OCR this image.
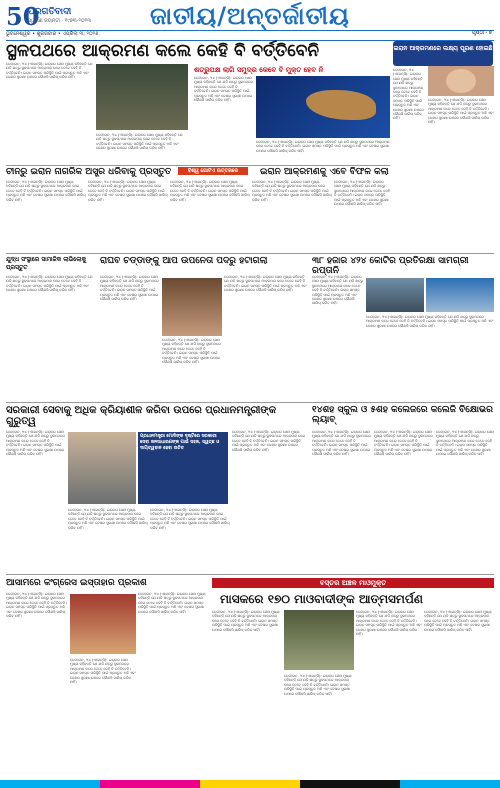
50
ପ୍ରଗତିବାଦୀ
ସ୍ୱର୍ଣ୍ଣ ଜୟନ୍ତୀ · ୧୯୭୩-୨୦୨୩ ଜାତୀୟ/ଅନ୍ତର୍ଜାତୀୟ
ଭୁବନେଶ୍ୱର • ଶୁକ୍ରବାର • ଏପ୍ରିଲ୍ ୩, ୨୦୨୬	ପୃଷ୍ଠା - ୭
ସ୍ଥଳପଥରେ ଆକ୍ରମଣ କଲେ କେହି ବି ବର୍ତ୍ତିବେନି	ଇରାନ ଆକ୍ରମଣରେ ଲକ୍ଷ୍ୟ ପୂରଣ ହୋଇଛି

ତେହେରାନ, ୨ା୪ (ଏଜେନ୍ସି): ଇରାନର ସେନା ମୁଖ୍ୟ କହିଛନ୍ତି ଯେ ଯଦି ଶତ୍ରୁ ସ୍ଥଳପଥରେ ଆକ୍ରମଣ କରେ ତେବେ କେହି ବି ବର୍ତ୍ତିବେନି। ଇରାନ ସମସ୍ତ ପରିସ୍ଥିତି ପାଇଁ ପ୍ରସ୍ତୁତ ଅଛି ଏବଂ ଦେଶର ସୁରକ୍ଷା ଉପରେ କୌଣସି ସାଲିସ୍ କରିବ ନାହିଁ।

ତେହେରାନ, ୨ା୪ (ଏଜେନ୍ସି): ଇରାନର ସେନା ମୁଖ୍ୟ କହିଛନ୍ତି ଯେ ଯଦି ଶତ୍ରୁ ସ୍ଥଳପଥରେ ଆକ୍ରମଣ କରେ ତେବେ କେହି ବି ବର୍ତ୍ତିବେନି। ଇରାନ ସମସ୍ତ ପରିସ୍ଥିତି ପାଇଁ ପ୍ରସ୍ତୁତ ଅଛି ଏବଂ ଦେଶର ସୁରକ୍ଷା ଉପରେ କୌଣସି ସାଲିସ୍ କରିବ ନାହିଁ।

ଶତ୍ରୁପକ୍ଷ ଲାଗି ସମୁଦ୍ର କେବେ ବି ମୁକ୍ତ ହେବ ନି

ତେହେରାନ, ୨ା୪ (ଏଜେନ୍ସି): ଇରାନର ସେନା ମୁଖ୍ୟ କହିଛନ୍ତି ଯେ ଯଦି ଶତ୍ରୁ ସ୍ଥଳପଥରେ ଆକ୍ରମଣ କରେ ତେବେ କେହି ବି ବର୍ତ୍ତିବେନି। ଇରାନ ସମସ୍ତ ପରିସ୍ଥିତି ପାଇଁ ପ୍ରସ୍ତୁତ ଅଛି ଏବଂ ଦେଶର ସୁରକ୍ଷା ଉପରେ କୌଣସି ସାଲିସ୍ କରିବ ନାହିଁ।

ତେହେରାନ, ୨ା୪ (ଏଜେନ୍ସି): ଇରାନର ସେନା ମୁଖ୍ୟ କହିଛନ୍ତି ଯେ ଯଦି ଶତ୍ରୁ ସ୍ଥଳପଥରେ ଆକ୍ରମଣ କରେ ତେବେ କେହି ବି ବର୍ତ୍ତିବେନି। ଇରାନ ସମସ୍ତ ପରିସ୍ଥିତି ପାଇଁ ପ୍ରସ୍ତୁତ ଅଛି ଏବଂ ଦେଶର ସୁରକ୍ଷା ଉପରେ କୌଣସି ସାଲିସ୍ କରିବ ନାହିଁ।

ତେହେରାନ, ୨ା୪ (ଏଜେନ୍ସି): ଇରାନର ସେନା ମୁଖ୍ୟ କହିଛନ୍ତି ଯେ ଯଦି ଶତ୍ରୁ ସ୍ଥଳପଥରେ ଆକ୍ରମଣ କରେ ତେବେ କେହି ବି ବର୍ତ୍ତିବେନି। ଇରାନ ସମସ୍ତ ପରିସ୍ଥିତି ପାଇଁ ପ୍ରସ୍ତୁତ ଅଛି ଏବଂ ଦେଶର ସୁରକ୍ଷା ଉପରେ କୌଣସି ସାଲିସ୍ କରିବ ନାହିଁ।

ତେହେରାନ, ୨ା୪ (ଏଜେନ୍ସି): ଇରାନର ସେନା ମୁଖ୍ୟ କହିଛନ୍ତି ଯେ ଯଦି ଶତ୍ରୁ ସ୍ଥଳପଥରେ ଆକ୍ରମଣ କରେ ତେବେ କେହି ବି ବର୍ତ୍ତିବେନି। ଇରାନ ସମସ୍ତ ପରିସ୍ଥିତି ପାଇଁ ପ୍ରସ୍ତୁତ ଅଛି ଏବଂ ଦେଶର ସୁରକ୍ଷା ଉପରେ କୌଣସି ସାଲିସ୍ କରିବ ନାହିଁ।

ଚୀନ୍‌ରୁ ଇରାନ ନାଗରିକ ଅସ୍ତ୍ର ଧରିବାକୁ ପ୍ରସ୍ତୁତ	ବିଶ୍ୱ ଗୋଟିଏ ଉତ୍ତରରେ	ଇରାନ ଆକ୍ରମଣକୁ ଏବେ ବିଫଳ କଲା

ତେହେରାନ, ୨ା୪ (ଏଜେନ୍ସି): ଇରାନର ସେନା ମୁଖ୍ୟ କହିଛନ୍ତି ଯେ ଯଦି ଶତ୍ରୁ ସ୍ଥଳପଥରେ ଆକ୍ରମଣ କରେ ତେବେ କେହି ବି ବର୍ତ୍ତିବେନି। ଇରାନ ସମସ୍ତ ପରିସ୍ଥିତି ପାଇଁ ପ୍ରସ୍ତୁତ ଅଛି ଏବଂ ଦେଶର ସୁରକ୍ଷା ଉପରେ କୌଣସି ସାଲିସ୍ କରିବ ନାହିଁ।

ତେହେରାନ, ୨ା୪ (ଏଜେନ୍ସି): ଇରାନର ସେନା ମୁଖ୍ୟ କହିଛନ୍ତି ଯେ ଯଦି ଶତ୍ରୁ ସ୍ଥଳପଥରେ ଆକ୍ରମଣ କରେ ତେବେ କେହି ବି ବର୍ତ୍ତିବେନି। ଇରାନ ସମସ୍ତ ପରିସ୍ଥିତି ପାଇଁ ପ୍ରସ୍ତୁତ ଅଛି ଏବଂ ଦେଶର ସୁରକ୍ଷା ଉପରେ କୌଣସି ସାଲିସ୍ କରିବ ନାହିଁ।

ତେହେରାନ, ୨ା୪ (ଏଜେନ୍ସି): ଇରାନର ସେନା ମୁଖ୍ୟ କହିଛନ୍ତି ଯେ ଯଦି ଶତ୍ରୁ ସ୍ଥଳପଥରେ ଆକ୍ରମଣ କରେ ତେବେ କେହି ବି ବର୍ତ୍ତିବେନି। ଇରାନ ସମସ୍ତ ପରିସ୍ଥିତି ପାଇଁ ପ୍ରସ୍ତୁତ ଅଛି ଏବଂ ଦେଶର ସୁରକ୍ଷା ଉପରେ କୌଣସି ସାଲିସ୍ କରିବ ନାହିଁ।

ତେହେରାନ, ୨ା୪ (ଏଜେନ୍ସି): ଇରାନର ସେନା ମୁଖ୍ୟ କହିଛନ୍ତି ଯେ ଯଦି ଶତ୍ରୁ ସ୍ଥଳପଥରେ ଆକ୍ରମଣ କରେ ତେବେ କେହି ବି ବର୍ତ୍ତିବେନି। ଇରାନ ସମସ୍ତ ପରିସ୍ଥିତି ପାଇଁ ପ୍ରସ୍ତୁତ ଅଛି ଏବଂ ଦେଶର ସୁରକ୍ଷା ଉପରେ କୌଣସି ସାଲିସ୍ କରିବ ନାହିଁ।

ତେହେରାନ, ୨ା୪ (ଏଜେନ୍ସି): ଇରାନର ସେନା ମୁଖ୍ୟ କହିଛନ୍ତି ଯେ ଯଦି ଶତ୍ରୁ ସ୍ଥଳପଥରେ ଆକ୍ରମଣ କରେ ତେବେ କେହି ବି ବର୍ତ୍ତିବେନି। ଇରାନ ସମସ୍ତ ପରିସ୍ଥିତି ପାଇଁ ପ୍ରସ୍ତୁତ ଅଛି ଏବଂ ଦେଶର ସୁରକ୍ଷା ଉପରେ କୌଣସି ସାଲିସ୍ କରିବ ନାହିଁ।

ଯୁଦ୍ଧ ସଂସ୍ଥାରେ ସାମାଜିକ ଲାଭିଲୋକୁ ପ୍ରସ୍ତୁତ
ରାଘବ ଚଡ୍ଡାଙ୍କୁ ଆପ ଉପନେତା ପଦରୁ ହଟାଗଲା	୩୮ ହଜାର ୪୨୪ କୋଟିର ପ୍ରତିରକ୍ଷା ସାମଗ୍ରୀ ରପ୍ତାନି

ତେହେରାନ, ୨ା୪ (ଏଜେନ୍ସି): ଇରାନର ସେନା ମୁଖ୍ୟ କହିଛନ୍ତି ଯେ ଯଦି ଶତ୍ରୁ ସ୍ଥଳପଥରେ ଆକ୍ରମଣ କରେ ତେବେ କେହି ବି ବର୍ତ୍ତିବେନି। ଇରାନ ସମସ୍ତ ପରିସ୍ଥିତି ପାଇଁ ପ୍ରସ୍ତୁତ ଅଛି ଏବଂ ଦେଶର ସୁରକ୍ଷା ଉପରେ କୌଣସି ସାଲିସ୍ କରିବ ନାହିଁ।

ତେହେରାନ, ୨ା୪ (ଏଜେନ୍ସି): ଇରାନର ସେନା ମୁଖ୍ୟ କହିଛନ୍ତି ଯେ ଯଦି ଶତ୍ରୁ ସ୍ଥଳପଥରେ ଆକ୍ରମଣ କରେ ତେବେ କେହି ବି ବର୍ତ୍ତିବେନି। ଇରାନ ସମସ୍ତ ପରିସ୍ଥିତି ପାଇଁ ପ୍ରସ୍ତୁତ ଅଛି ଏବଂ ଦେଶର ସୁରକ୍ଷା ଉପରେ କୌଣସି ସାଲିସ୍ କରିବ ନାହିଁ।

ତେହେରାନ, ୨ା୪ (ଏଜେନ୍ସି): ଇରାନର ସେନା ମୁଖ୍ୟ କହିଛନ୍ତି ଯେ ଯଦି ଶତ୍ରୁ ସ୍ଥଳପଥରେ ଆକ୍ରମଣ କରେ ତେବେ କେହି ବି ବର୍ତ୍ତିବେନି। ଇରାନ ସମସ୍ତ ପରିସ୍ଥିତି ପାଇଁ ପ୍ରସ୍ତୁତ ଅଛି ଏବଂ ଦେଶର ସୁରକ୍ଷା ଉପରେ କୌଣସି ସାଲିସ୍ କରିବ ନାହିଁ।

ତେହେରାନ, ୨ା୪ (ଏଜେନ୍ସି): ଇରାନର ସେନା ମୁଖ୍ୟ କହିଛନ୍ତି ଯେ ଯଦି ଶତ୍ରୁ ସ୍ଥଳପଥରେ ଆକ୍ରମଣ କରେ ତେବେ କେହି ବି ବର୍ତ୍ତିବେନି। ଇରାନ ସମସ୍ତ ପରିସ୍ଥିତି ପାଇଁ ପ୍ରସ୍ତୁତ ଅଛି ଏବଂ ଦେଶର ସୁରକ୍ଷା ଉପରେ କୌଣସି ସାଲିସ୍ କରିବ ନାହିଁ।

ତେହେରାନ, ୨ା୪ (ଏଜେନ୍ସି): ଇରାନର ସେନା ମୁଖ୍ୟ କହିଛନ୍ତି ଯେ ଯଦି ଶତ୍ରୁ ସ୍ଥଳପଥରେ ଆକ୍ରମଣ କରେ ତେବେ କେହି ବି ବର୍ତ୍ତିବେନି। ଇରାନ ସମସ୍ତ ପରିସ୍ଥିତି ପାଇଁ ପ୍ରସ୍ତୁତ ଅଛି ଏବଂ ଦେଶର ସୁରକ୍ଷା ଉପରେ କୌଣସି ସାଲିସ୍ କରିବ ନାହିଁ।

ତେହେରାନ, ୨ା୪ (ଏଜେନ୍ସି): ଇରାନର ସେନା ମୁଖ୍ୟ କହିଛନ୍ତି ଯେ ଯଦି ଶତ୍ରୁ ସ୍ଥଳପଥରେ ଆକ୍ରମଣ କରେ ତେବେ କେହି ବି ବର୍ତ୍ତିବେନି। ଇରାନ ସମସ୍ତ ପରିସ୍ଥିତି ପାଇଁ ପ୍ରସ୍ତୁତ ଅଛି ଏବଂ ଦେଶର ସୁରକ୍ଷା ଉପରେ କୌଣସି ସାଲିସ୍ କରିବ ନାହିଁ।

ସରକାରୀ ସେବାକୁ ଅଧିକ କ୍ରିୟାଶୀଳ କରିବା ଉପରେ ପ୍ରଧାନମନ୍ତ୍ରୀଙ୍କ ଗୁରୁତ୍ୱ
୧୪ଶହ ସ୍କୁଲ ଓ ୫ଶହ କଲେଜରେ କଲେଜି ବିକ୍ଷୋଭର ଲ୍ୟାବ୍

ତେହେରାନ, ୨ା୪ (ଏଜେନ୍ସି): ଇରାନର ସେନା ମୁଖ୍ୟ କହିଛନ୍ତି ଯେ ଯଦି ଶତ୍ରୁ ସ୍ଥଳପଥରେ ଆକ୍ରମଣ କରେ ତେବେ କେହି ବି ବର୍ତ୍ତିବେନି। ଇରାନ ସମସ୍ତ ପରିସ୍ଥିତି ପାଇଁ ପ୍ରସ୍ତୁତ ଅଛି ଏବଂ ଦେଶର ସୁରକ୍ଷା ଉପରେ କୌଣସି ସାଲିସ୍ କରିବ ନାହିଁ।

ପ୍ରଧାନମନ୍ତ୍ରୀ ମୋଦିଙ୍କ ଦୃଷ୍ଟିରେ ସରକାରୀ ସେବା ଜନସାଧାରଣଙ୍କ ପାଇଁ ସହଜ, ସ୍ୱଚ୍ଛ ଓ ଦାୟିତ୍ୱବାନ ହେବା ଉଚିତ

ତେହେରାନ, ୨ା୪ (ଏଜେନ୍ସି): ଇରାନର ସେନା ମୁଖ୍ୟ କହିଛନ୍ତି ଯେ ଯଦି ଶତ୍ରୁ ସ୍ଥଳପଥରେ ଆକ୍ରମଣ କରେ ତେବେ କେହି ବି ବର୍ତ୍ତିବେନି। ଇରାନ ସମସ୍ତ ପରିସ୍ଥିତି ପାଇଁ ପ୍ରସ୍ତୁତ ଅଛି ଏବଂ ଦେଶର ସୁରକ୍ଷା ଉପରେ କୌଣସି ସାଲିସ୍ କରିବ ନାହିଁ।

ତେହେରାନ, ୨ା୪ (ଏଜେନ୍ସି): ଇରାନର ସେନା ମୁଖ୍ୟ କହିଛନ୍ତି ଯେ ଯଦି ଶତ୍ରୁ ସ୍ଥଳପଥରେ ଆକ୍ରମଣ କରେ ତେବେ କେହି ବି ବର୍ତ୍ତିବେନି। ଇରାନ ସମସ୍ତ ପରିସ୍ଥିତି ପାଇଁ ପ୍ରସ୍ତୁତ ଅଛି ଏବଂ ଦେଶର ସୁରକ୍ଷା ଉପରେ କୌଣସି ସାଲିସ୍ କରିବ ନାହିଁ।

ତେହେରାନ, ୨ା୪ (ଏଜେନ୍ସି): ଇରାନର ସେନା ମୁଖ୍ୟ କହିଛନ୍ତି ଯେ ଯଦି ଶତ୍ରୁ ସ୍ଥଳପଥରେ ଆକ୍ରମଣ କରେ ତେବେ କେହି ବି ବର୍ତ୍ତିବେନି। ଇରାନ ସମସ୍ତ ପରିସ୍ଥିତି ପାଇଁ ପ୍ରସ୍ତୁତ ଅଛି ଏବଂ ଦେଶର ସୁରକ୍ଷା ଉପରେ କୌଣସି ସାଲିସ୍ କରିବ ନାହିଁ।

ତେହେରାନ, ୨ା୪ (ଏଜେନ୍ସି): ଇରାନର ସେନା ମୁଖ୍ୟ କହିଛନ୍ତି ଯେ ଯଦି ଶତ୍ରୁ ସ୍ଥଳପଥରେ ଆକ୍ରମଣ କରେ ତେବେ କେହି ବି ବର୍ତ୍ତିବେନି। ଇରାନ ସମସ୍ତ ପରିସ୍ଥିତି ପାଇଁ ପ୍ରସ୍ତୁତ ଅଛି ଏବଂ ଦେଶର ସୁରକ୍ଷା ଉପରେ କୌଣସି ସାଲିସ୍ କରିବ ନାହିଁ।

ତେହେରାନ, ୨ା୪ (ଏଜେନ୍ସି): ଇରାନର ସେନା ମୁଖ୍ୟ କହିଛନ୍ତି ଯେ ଯଦି ଶତ୍ରୁ ସ୍ଥଳପଥରେ ଆକ୍ରମଣ କରେ ତେବେ କେହି ବି ବର୍ତ୍ତିବେନି। ଇରାନ ସମସ୍ତ ପରିସ୍ଥିତି ପାଇଁ ପ୍ରସ୍ତୁତ ଅଛି ଏବଂ ଦେଶର ସୁରକ୍ଷା ଉପରେ କୌଣସି ସାଲିସ୍ କରିବ ନାହିଁ।

ତେହେରାନ, ୨ା୪ (ଏଜେନ୍ସି): ଇରାନର ସେନା ମୁଖ୍ୟ କହିଛନ୍ତି ଯେ ଯଦି ଶତ୍ରୁ ସ୍ଥଳପଥରେ ଆକ୍ରମଣ କରେ ତେବେ କେହି ବି ବର୍ତ୍ତିବେନି। ଇରାନ ସମସ୍ତ ପରିସ୍ଥିତି ପାଇଁ ପ୍ରସ୍ତୁତ ଅଛି ଏବଂ ଦେଶର ସୁରକ୍ଷା ଉପରେ କୌଣସି ସାଲିସ୍ କରିବ ନାହିଁ।

ଆସାମରେ କଂଗ୍ରେସ ଇସ୍ତାହାର ପ୍ରକାଶ	ବସ୍ତର ଅଞ୍ଚଳ ମାଓମୁକ୍ତ
ମାସକରେ ୧୭୦ ମାଓବାଦୀଙ୍କ ଆତ୍ମସମର୍ପଣ

ତେହେରାନ, ୨ା୪ (ଏଜେନ୍ସି): ଇରାନର ସେନା ମୁଖ୍ୟ କହିଛନ୍ତି ଯେ ଯଦି ଶତ୍ରୁ ସ୍ଥଳପଥରେ ଆକ୍ରମଣ କରେ ତେବେ କେହି ବି ବର୍ତ୍ତିବେନି। ଇରାନ ସମସ୍ତ ପରିସ୍ଥିତି ପାଇଁ ପ୍ରସ୍ତୁତ ଅଛି ଏବଂ ଦେଶର ସୁରକ୍ଷା ଉପରେ କୌଣସି ସାଲିସ୍ କରିବ ନାହିଁ।

ତେହେରାନ, ୨ା୪ (ଏଜେନ୍ସି): ଇରାନର ସେନା ମୁଖ୍ୟ କହିଛନ୍ତି ଯେ ଯଦି ଶତ୍ରୁ ସ୍ଥଳପଥରେ ଆକ୍ରମଣ କରେ ତେବେ କେହି ବି ବର୍ତ୍ତିବେନି। ଇରାନ ସମସ୍ତ ପରିସ୍ଥିତି ପାଇଁ ପ୍ରସ୍ତୁତ ଅଛି ଏବଂ ଦେଶର ସୁରକ୍ଷା ଉପରେ କୌଣସି ସାଲିସ୍ କରିବ ନାହିଁ।

ତେହେରାନ, ୨ା୪ (ଏଜେନ୍ସି): ଇରାନର ସେନା ମୁଖ୍ୟ କହିଛନ୍ତି ଯେ ଯଦି ଶତ୍ରୁ ସ୍ଥଳପଥରେ ଆକ୍ରମଣ କରେ ତେବେ କେହି ବି ବର୍ତ୍ତିବେନି। ଇରାନ ସମସ୍ତ ପରିସ୍ଥିତି ପାଇଁ ପ୍ରସ୍ତୁତ ଅଛି ଏବଂ ଦେଶର ସୁରକ୍ଷା ଉପରେ କୌଣସି ସାଲିସ୍ କରିବ ନାହିଁ।	ତେହେରାନ, ୨ା୪ (ଏଜେନ୍ସି): ଇରାନର ସେନା ମୁଖ୍ୟ କହିଛନ୍ତି ଯେ ଯଦି ଶତ୍ରୁ ସ୍ଥଳପଥରେ ଆକ୍ରମଣ କରେ ତେବେ କେହି ବି ବର୍ତ୍ତିବେନି। ଇରାନ ସମସ୍ତ ପରିସ୍ଥିତି ପାଇଁ ପ୍ରସ୍ତୁତ ଅଛି ଏବଂ ଦେଶର ସୁରକ୍ଷା ଉପରେ କୌଣସି ସାଲିସ୍ କରିବ ନାହିଁ।

ତେହେରାନ, ୨ା୪ (ଏଜେନ୍ସି): ଇରାନର ସେନା ମୁଖ୍ୟ କହିଛନ୍ତି ଯେ ଯଦି ଶତ୍ରୁ ସ୍ଥଳପଥରେ ଆକ୍ରମଣ କରେ ତେବେ କେହି ବି ବର୍ତ୍ତିବେନି। ଇରାନ ସମସ୍ତ ପରିସ୍ଥିତି ପାଇଁ ପ୍ରସ୍ତୁତ ଅଛି ଏବଂ ଦେଶର ସୁରକ୍ଷା ଉପରେ କୌଣସି ସାଲିସ୍ କରିବ ନାହିଁ।

ତେହେରାନ, ୨ା୪ (ଏଜେନ୍ସି): ଇରାନର ସେନା ମୁଖ୍ୟ କହିଛନ୍ତି ଯେ ଯଦି ଶତ୍ରୁ ସ୍ଥଳପଥରେ ଆକ୍ରମଣ କରେ ତେବେ କେହି ବି ବର୍ତ୍ତିବେନି। ଇରାନ ସମସ୍ତ ପରିସ୍ଥିତି ପାଇଁ ପ୍ରସ୍ତୁତ ଅଛି ଏବଂ ଦେଶର ସୁରକ୍ଷା ଉପରେ କୌଣସି ସାଲିସ୍ କରିବ ନାହିଁ।

ତେହେରାନ, ୨ା୪ (ଏଜେନ୍ସି): ଇରାନର ସେନା ମୁଖ୍ୟ କହିଛନ୍ତି ଯେ ଯଦି ଶତ୍ରୁ ସ୍ଥଳପଥରେ ଆକ୍ରମଣ କରେ ତେବେ କେହି ବି ବର୍ତ୍ତିବେନି। ଇରାନ ସମସ୍ତ ପରିସ୍ଥିତି ପାଇଁ ପ୍ରସ୍ତୁତ ଅଛି ଏବଂ ଦେଶର ସୁରକ୍ଷା ଉପରେ କୌଣସି ସାଲିସ୍ କରିବ ନାହିଁ।
